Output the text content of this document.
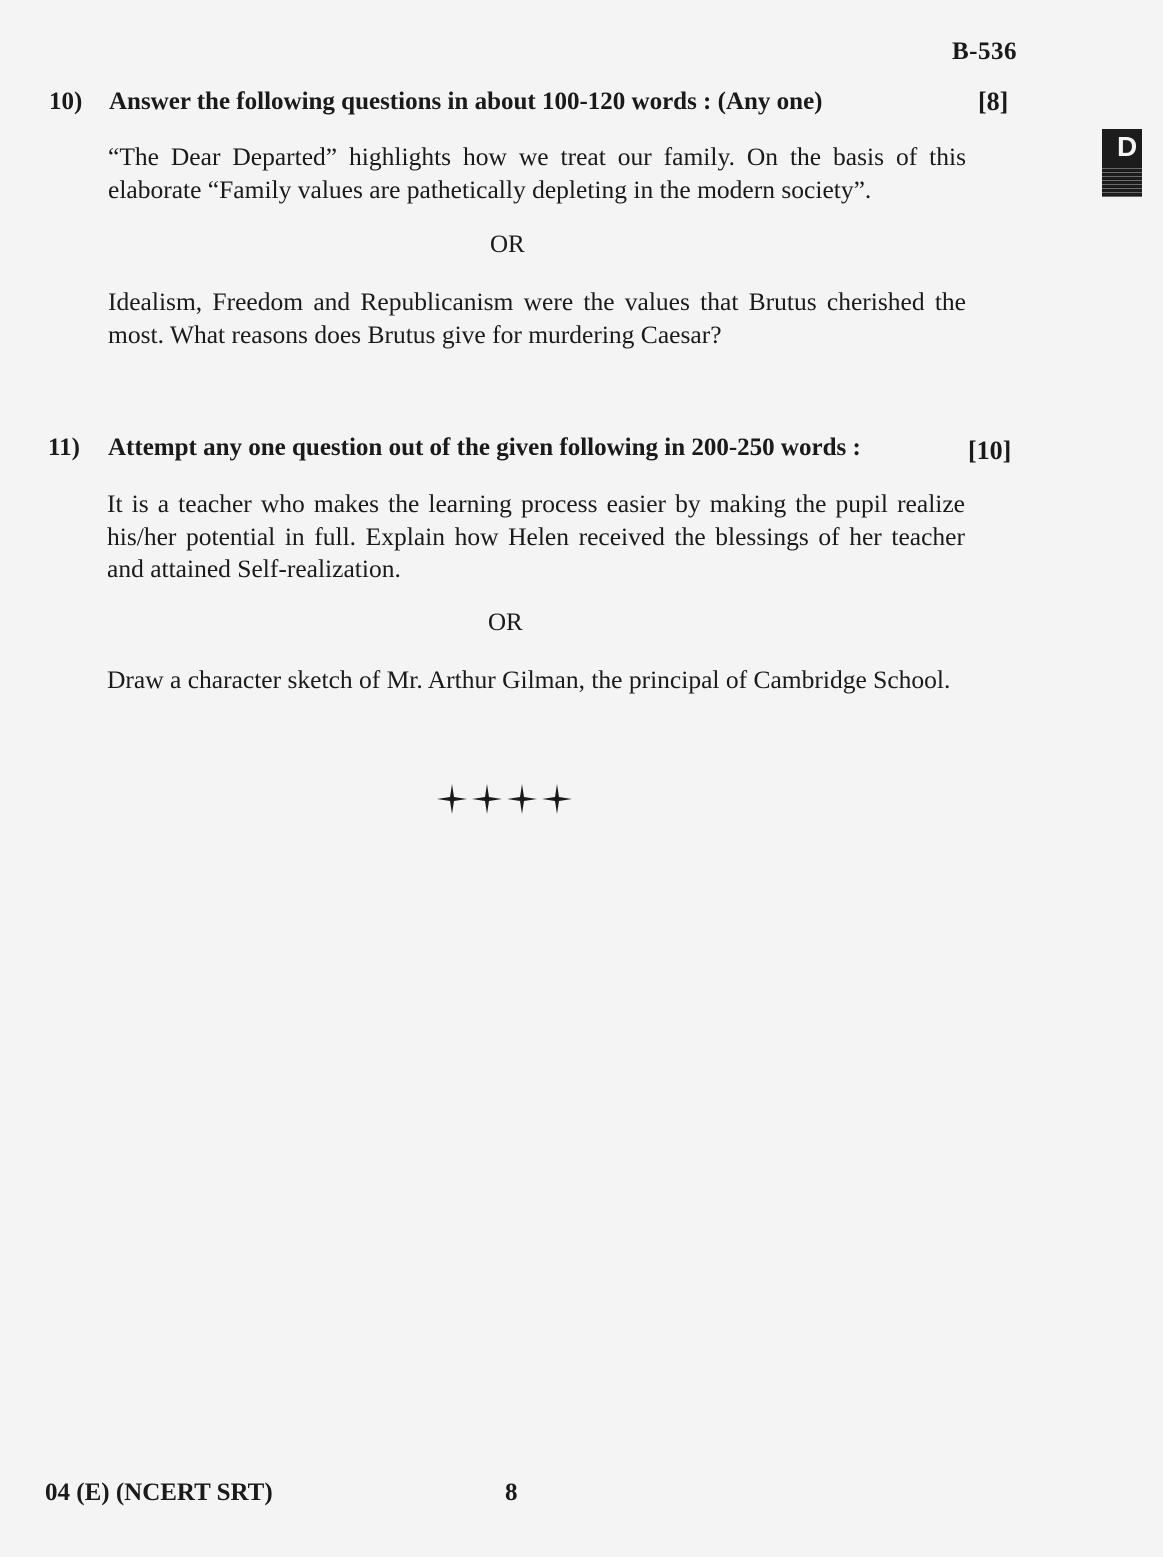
B-536
D
10) Answer the following questions in about 100-120 words : (Any one)	[8]
“The Dear Departed” highlights how we treat our family. On the basis of this elaborate “Family values are pathetically depleting in the modern society”.
OR
Idealism, Freedom and Republicanism were the values that Brutus cherished the most. What reasons does Brutus give for murdering Caesar?
11) Attempt any one question out of the given following in 200-250 words :	[10]
It is a teacher who makes the learning process easier by making the pupil realize his/her potential in full. Explain how Helen received the blessings of her teacher and attained Self-realization.
OR
Draw a character sketch of Mr. Arthur Gilman, the principal of Cambridge School.
04 (E) (NCERT SRT)	8
